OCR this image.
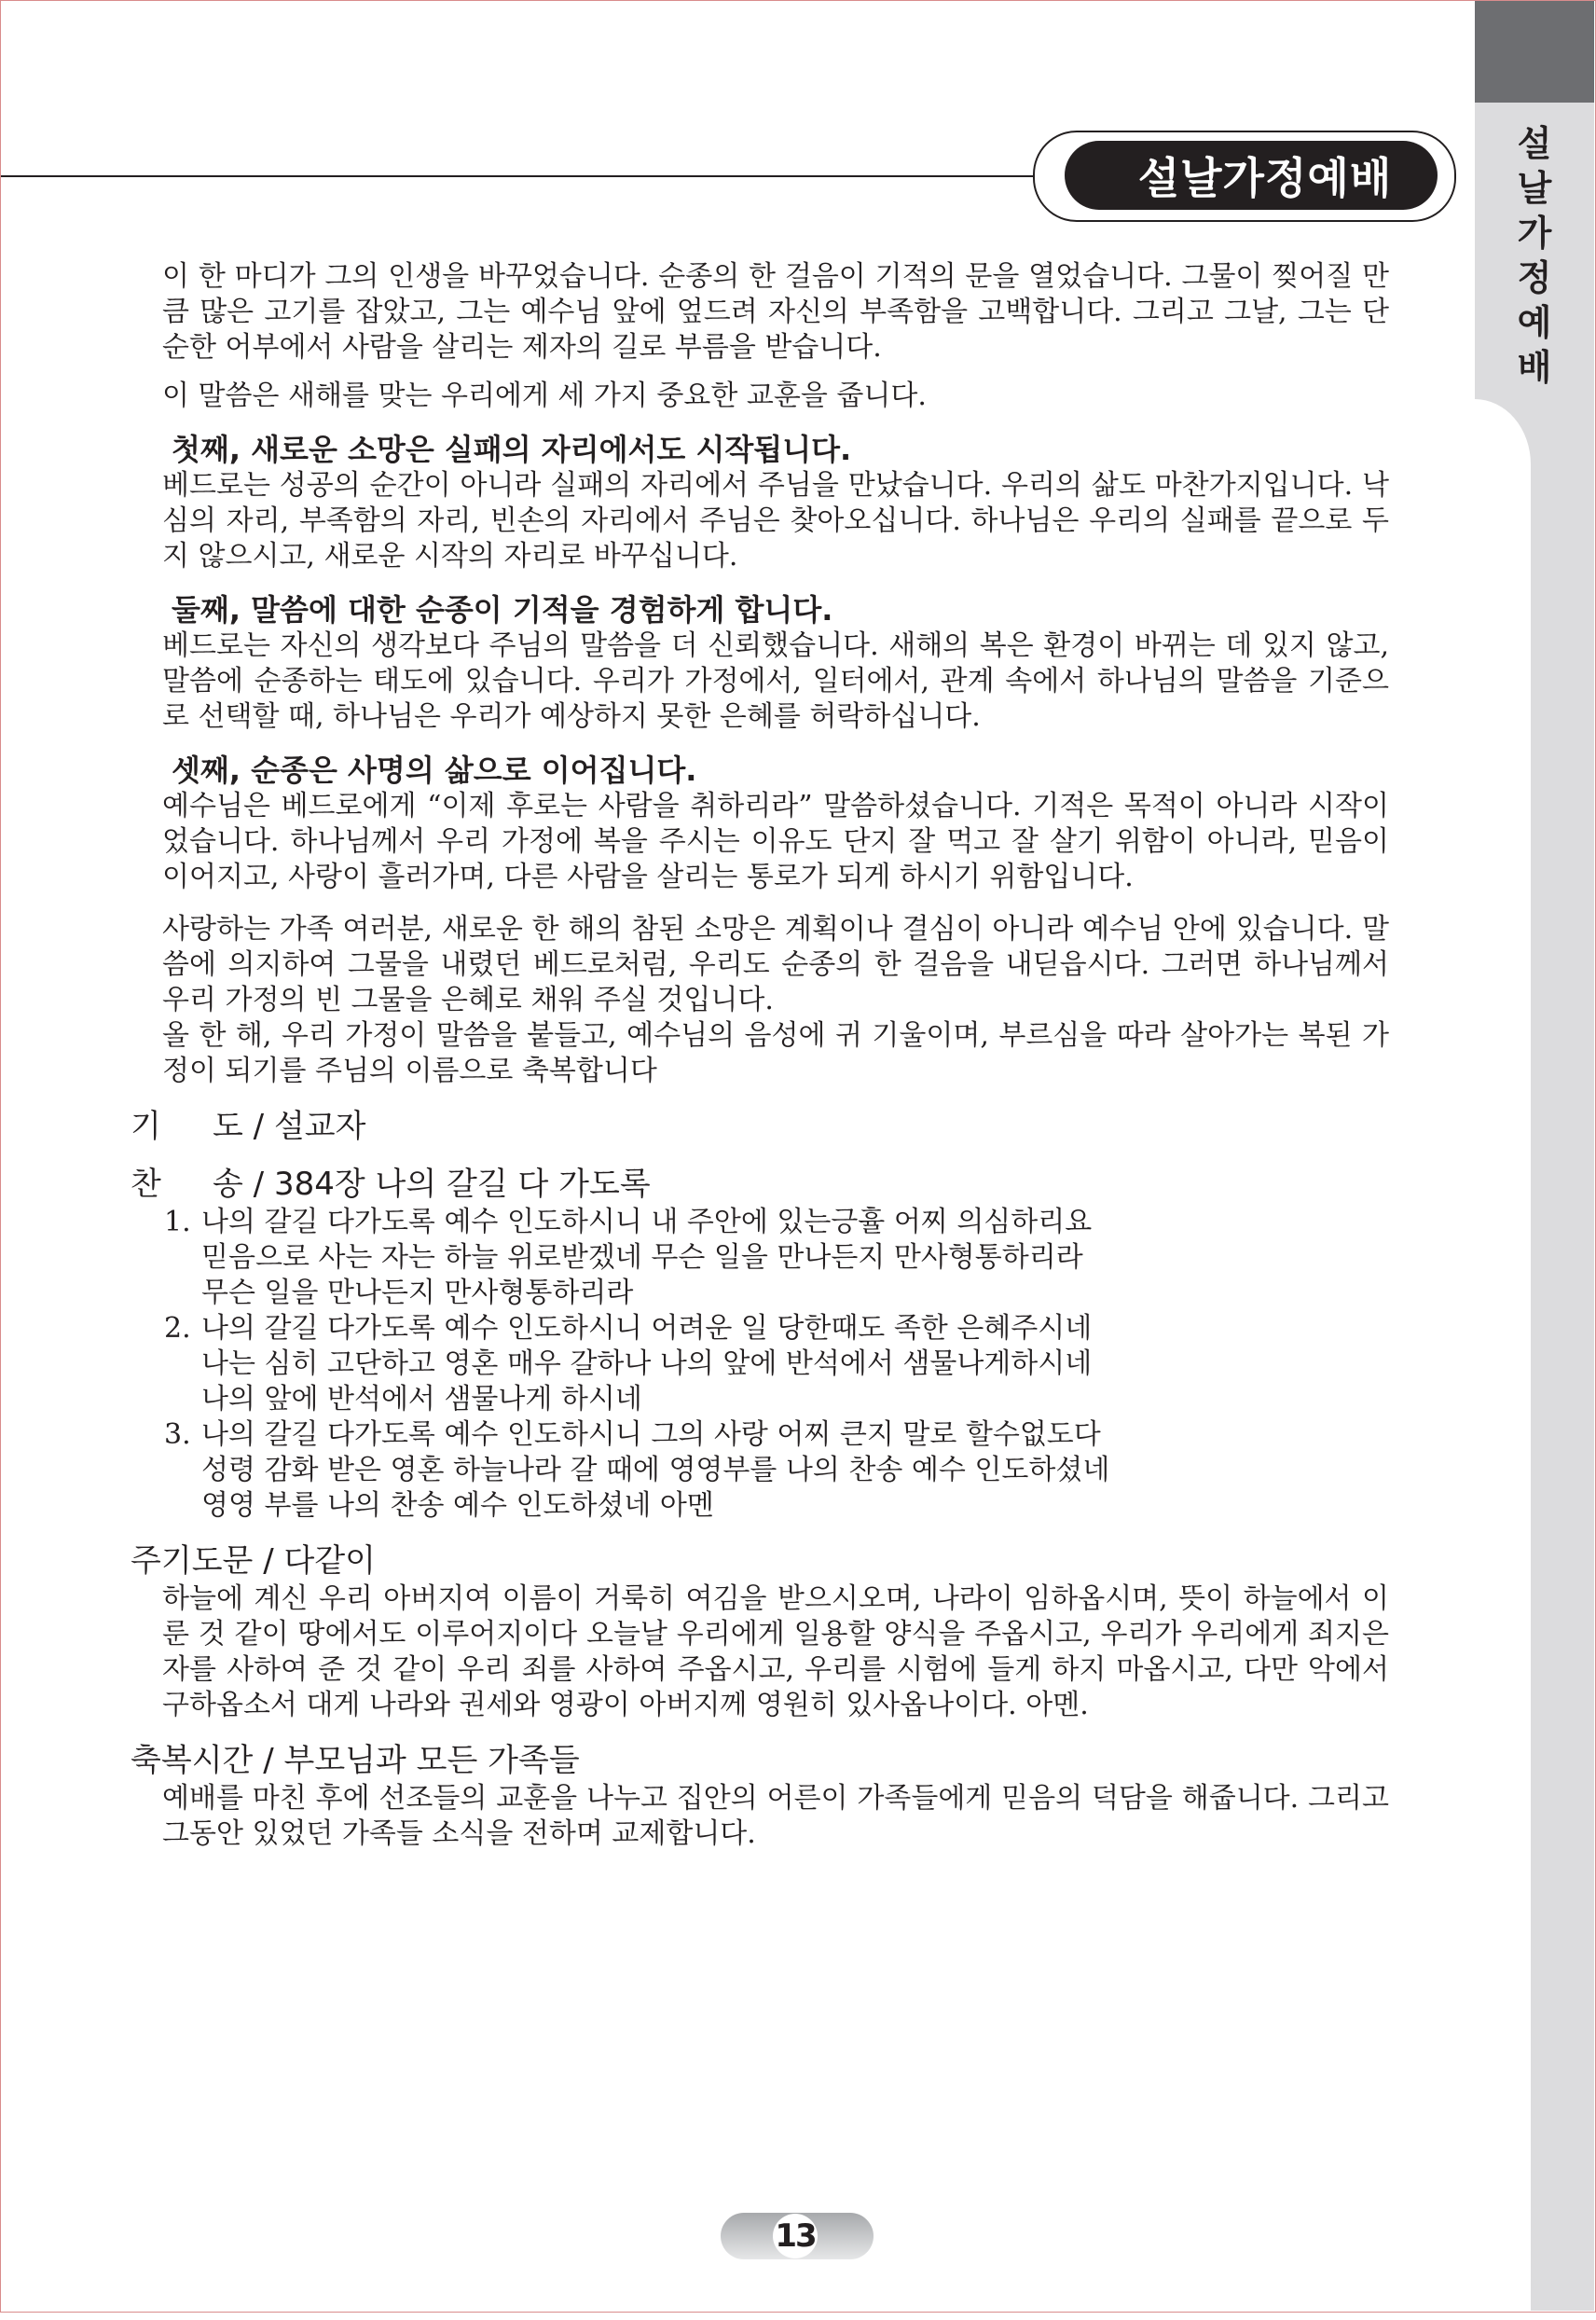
설
날
가
정
예
배
설날가정예배

이 한 마디가 그의 인생을 바꾸었습니다. 순종의 한 걸음이 기적의 문을 열었습니다. 그물이 찢어질 만큼 많은 고기를 잡았고, 그는 예수님 앞에 엎드려 자신의 부족함을 고백합니다. 그리고 그날, 그는 단순한 어부에서 사람을 살리는 제자의 길로 부름을 받습니다.

이 말씀은 새해를 맞는 우리에게 세 가지 중요한 교훈을 줍니다.

첫째, 새로운 소망은 실패의 자리에서도 시작됩니다.

베드로는 성공의 순간이 아니라 실패의 자리에서 주님을 만났습니다. 우리의 삶도 마찬가지입니다. 낙심의 자리, 부족함의 자리, 빈손의 자리에서 주님은 찾아오십니다. 하나님은 우리의 실패를 끝으로 두지 않으시고, 새로운 시작의 자리로 바꾸십니다.

둘째, 말씀에 대한 순종이 기적을 경험하게 합니다.

베드로는 자신의 생각보다 주님의 말씀을 더 신뢰했습니다. 새해의 복은 환경이 바뀌는 데 있지 않고, 말씀에 순종하는 태도에 있습니다. 우리가 가정에서, 일터에서, 관계 속에서 하나님의 말씀을 기준으로 선택할 때, 하나님은 우리가 예상하지 못한 은혜를 허락하십니다.

셋째, 순종은 사명의 삶으로 이어집니다.

예수님은 베드로에게 “이제 후로는 사람을 취하리라” 말씀하셨습니다. 기적은 목적이 아니라 시작이었습니다. 하나님께서 우리 가정에 복을 주시는 이유도 단지 잘 먹고 잘 살기 위함이 아니라, 믿음이 이어지고, 사랑이 흘러가며, 다른 사람을 살리는 통로가 되게 하시기 위함입니다.

사랑하는 가족 여러분, 새로운 한 해의 참된 소망은 계획이나 결심이 아니라 예수님 안에 있습니다. 말씀에 의지하여 그물을 내렸던 베드로처럼, 우리도 순종의 한 걸음을 내딛읍시다. 그러면 하나님께서 우리 가정의 빈 그물을 은혜로 채워 주실 것입니다.

올 한 해, 우리 가정이 말씀을 붙들고, 예수님의 음성에 귀 기울이며, 부르심을 따라 살아가는 복된 가정이 되기를 주님의 이름으로 축복합니다

기	도 / 설교자
찬	송 / 384장 나의 갈길 다 가도록
1. 나의 갈길 다가도록 예수 인도하시니 내 주안에 있는긍휼 어찌 의심하리요
믿음으로 사는 자는 하늘 위로받겠네 무슨 일을 만나든지 만사형통하리라
무슨 일을 만나든지 만사형통하리라
2. 나의 갈길 다가도록 예수 인도하시니 어려운 일 당한때도 족한 은혜주시네
나는 심히 고단하고 영혼 매우 갈하나 나의 앞에 반석에서 샘물나게하시네
나의 앞에 반석에서 샘물나게 하시네
3. 나의 갈길 다가도록 예수 인도하시니 그의 사랑 어찌 큰지 말로 할수없도다
성령 감화 받은 영혼 하늘나라 갈 때에 영영부를 나의 찬송 예수 인도하셨네
영영 부를 나의 찬송 예수 인도하셨네 아멘
주기도문 / 다같이

하늘에 계신 우리 아버지여 이름이 거룩히 여김을 받으시오며, 나라이 임하옵시며, 뜻이 하늘에서 이룬 것 같이 땅에서도 이루어지이다 오늘날 우리에게 일용할 양식을 주옵시고, 우리가 우리에게 죄지은 자를 사하여 준 것 같이 우리 죄를 사하여 주옵시고, 우리를 시험에 들게 하지 마옵시고, 다만 악에서 구하옵소서 대게 나라와 권세와 영광이 아버지께 영원히 있사옵나이다. 아멘.

축복시간 / 부모님과 모든 가족들

예배를 마친 후에 선조들의 교훈을 나누고 집안의 어른이 가족들에게 믿음의 덕담을 해줍니다. 그리고 그동안 있었던 가족들 소식을 전하며 교제합니다.

13
